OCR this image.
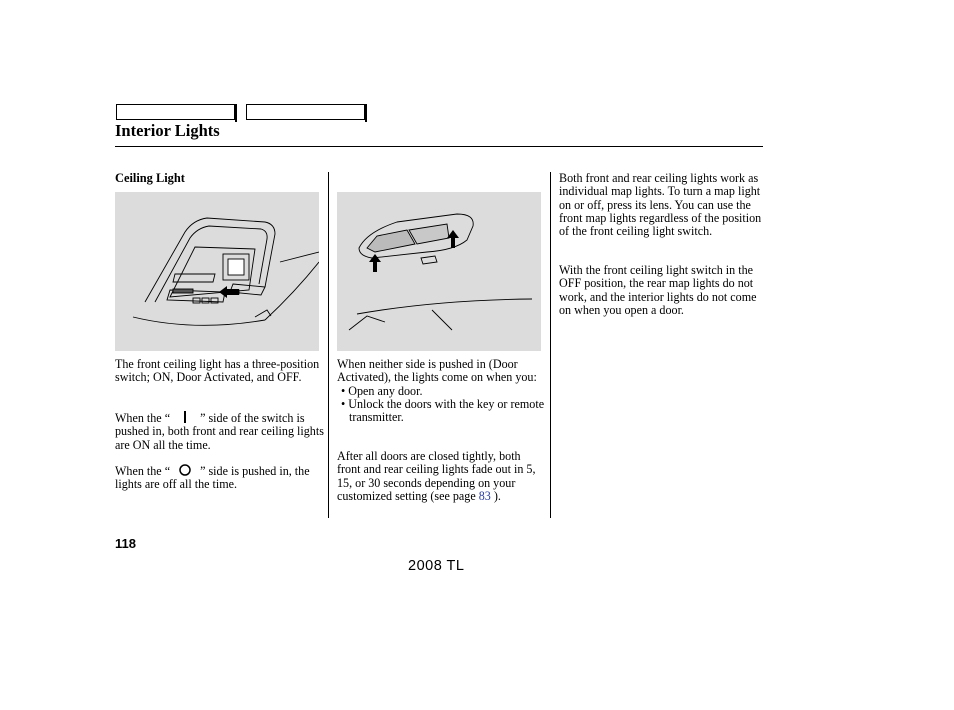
Interior Lights
Ceiling Light
The front ceiling light has a three-position switch; ON, Door Activated, and OFF.
When the “ ” side of the switch is pushed in, both front and rear ceiling lights are ON all the time.
When the “ ” side is pushed in, the lights are off all the time.
When neither side is pushed in (Door Activated), the lights come on when you:
• Open any door.
• Unlock the doors with the key or remote transmitter.
After all doors are closed tightly, both front and rear ceiling lights fade out in 5, 15, or 30 seconds depending on your customized setting (see page 83 ).
Both front and rear ceiling lights work as individual map lights. To turn a map light on or off, press its lens. You can use the front map lights regardless of the position of the front ceiling light switch.
With the front ceiling light switch in the OFF position, the rear map lights do not work, and the interior lights do not come on when you open a door.
118
2008 TL
